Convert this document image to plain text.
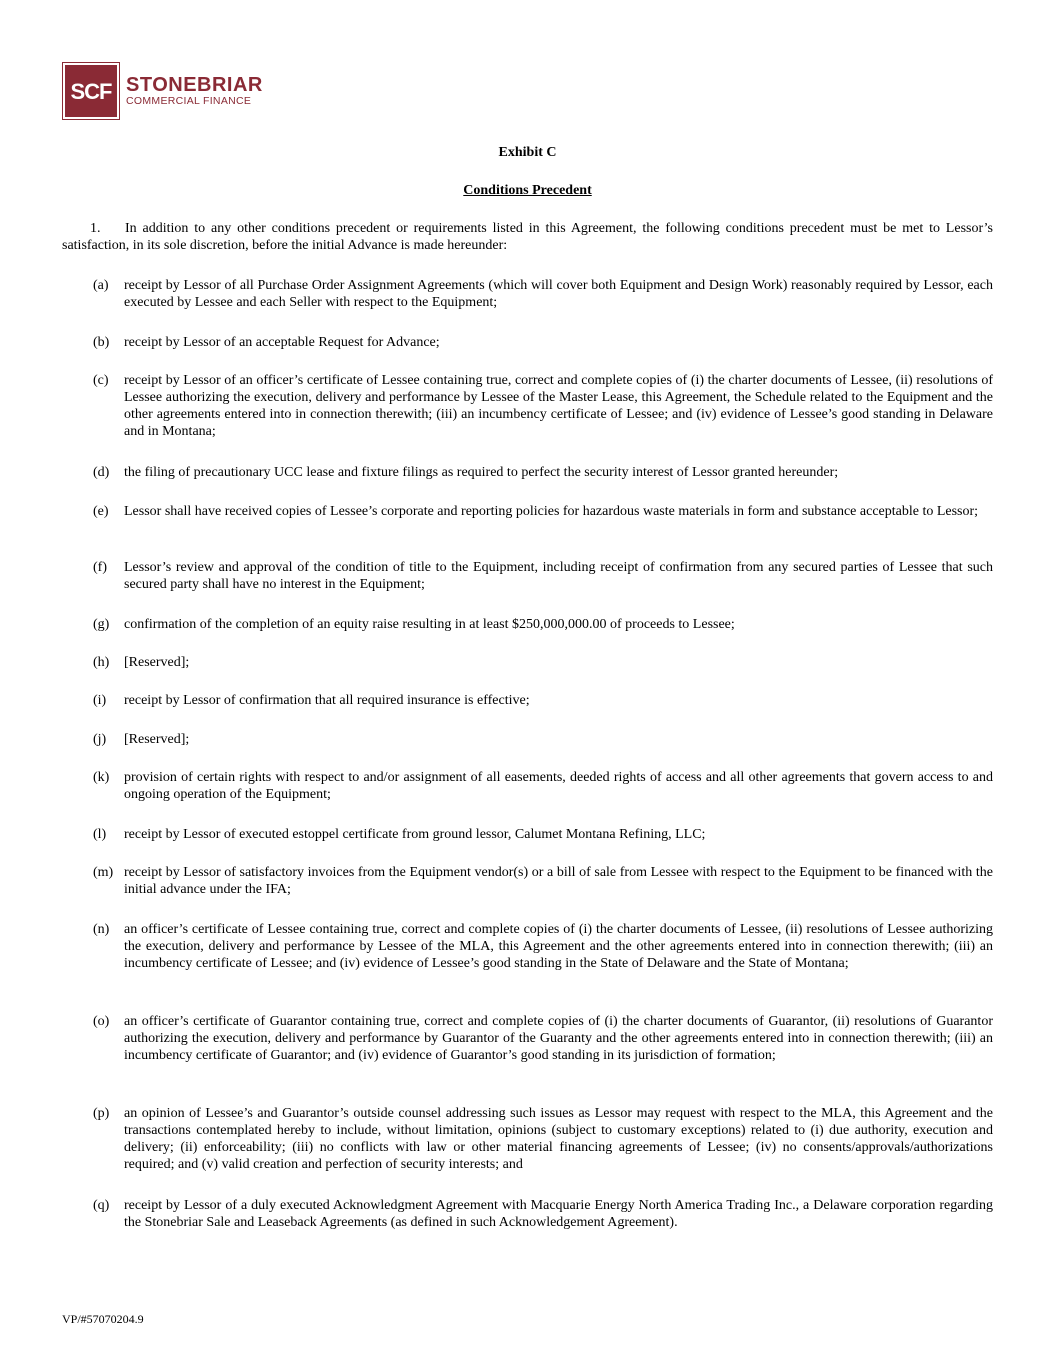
SCF STONEBRIAR
COMMERCIAL FINANCE
Exhibit C
Conditions Precedent
1. In addition to any other conditions precedent or requirements listed in this Agreement, the following conditions precedent must be met to Lessor’s satisfaction, in its sole discretion, before the initial Advance is made hereunder:
(a)	receipt by Lessor of all Purchase Order Assignment Agreements (which will cover both Equipment and Design Work) reasonably required by Lessor, each executed by Lessee and each Seller with respect to the Equipment;
(b)	receipt by Lessor of an acceptable Request for Advance;
(c)	receipt by Lessor of an officer’s certificate of Lessee containing true, correct and complete copies of (i) the charter documents of Lessee, (ii) resolutions of Lessee authorizing the execution, delivery and performance by Lessee of the Master Lease, this Agreement, the Schedule related to the Equipment and the other agreements entered into in connection therewith; (iii) an incumbency certificate of Lessee; and (iv) evidence of Lessee’s good standing in Delaware and in Montana;
(d)	the filing of precautionary UCC lease and fixture filings as required to perfect the security interest of Lessor granted hereunder;
(e)	Lessor shall have received copies of Lessee’s corporate and reporting policies for hazardous waste materials in form and substance acceptable to Lessor;
(f)	Lessor’s review and approval of the condition of title to the Equipment, including receipt of confirmation from any secured parties of Lessee that such secured party shall have no interest in the Equipment;
(g)	confirmation of the completion of an equity raise resulting in at least $250,000,000.00 of proceeds to Lessee;
(h)	[Reserved];
(i)	receipt by Lessor of confirmation that all required insurance is effective;
(j)	[Reserved];
(k)	provision of certain rights with respect to and/or assignment of all easements, deeded rights of access and all other agreements that govern access to and ongoing operation of the Equipment;
(l)	receipt by Lessor of executed estoppel certificate from ground lessor, Calumet Montana Refining, LLC;
(m) receipt by Lessor of satisfactory invoices from the Equipment vendor(s) or a bill of sale from Lessee with respect to the Equipment to be financed with the initial advance under the IFA;
(n)	an officer’s certificate of Lessee containing true, correct and complete copies of (i) the charter documents of Lessee, (ii) resolutions of Lessee authorizing the execution, delivery and performance by Lessee of the MLA, this Agreement and the other agreements entered into in connection therewith; (iii) an incumbency certificate of Lessee; and (iv) evidence of Lessee’s good standing in the State of Delaware and the State of Montana;
(o)	an officer’s certificate of Guarantor containing true, correct and complete copies of (i) the charter documents of Guarantor, (ii) resolutions of Guarantor authorizing the execution, delivery and performance by Guarantor of the Guaranty and the other agreements entered into in connection therewith; (iii) an incumbency certificate of Guarantor; and (iv) evidence of Guarantor’s good standing in its jurisdiction of formation;
(p)	an opinion of Lessee’s and Guarantor’s outside counsel addressing such issues as Lessor may request with respect to the MLA, this Agreement and the transactions contemplated hereby to include, without limitation, opinions (subject to customary exceptions) related to (i) due authority, execution and delivery; (ii) enforceability; (iii) no conflicts with law or other material financing agreements of Lessee; (iv) no consents/approvals/authorizations required; and (v) valid creation and perfection of security interests; and
(q)	receipt by Lessor of a duly executed Acknowledgment Agreement with Macquarie Energy North America Trading Inc., a Delaware corporation regarding the Stonebriar Sale and Leaseback Agreements (as defined in such Acknowledgement Agreement).
VP/#57070204.9
